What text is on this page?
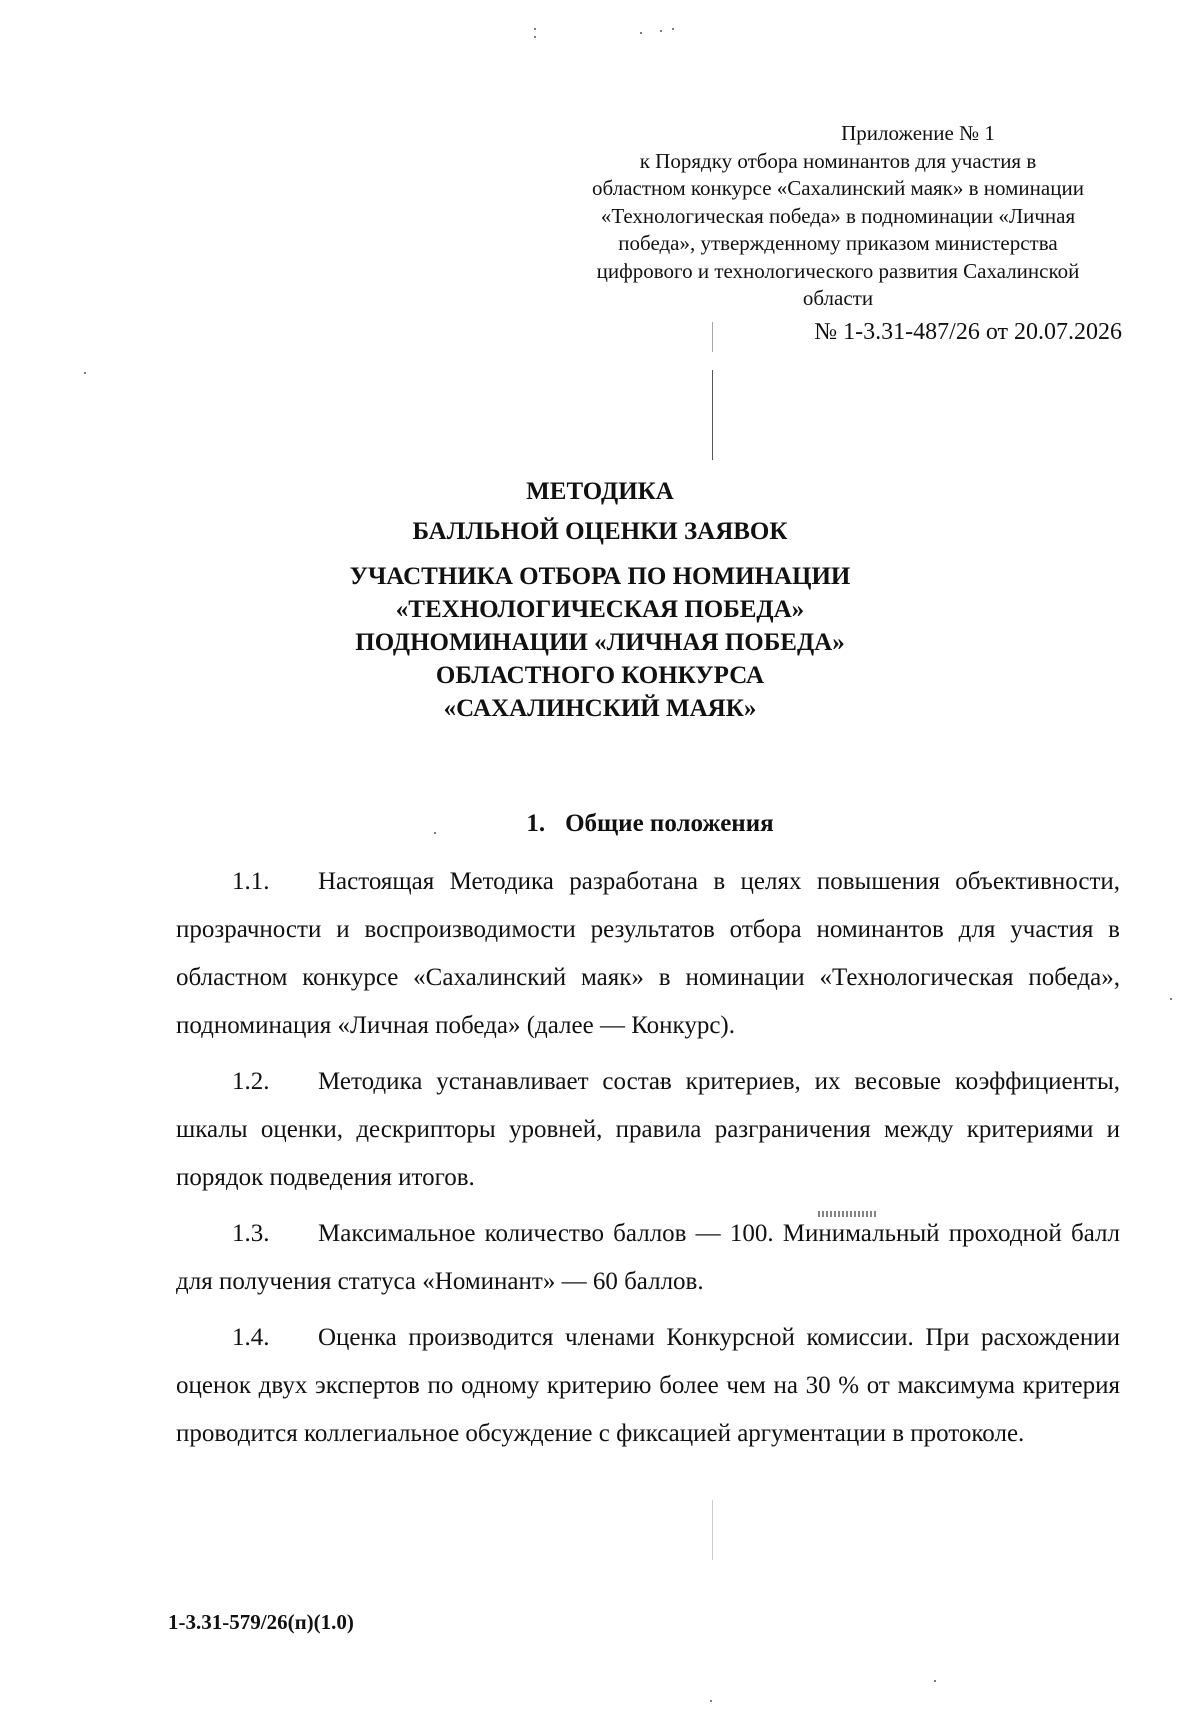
Приложение № 1
к Порядку отбора номинантов для участия в
областном конкурсе «Сахалинский маяк» в номинации
«Технологическая победа» в подноминации «Личная
победа», утвержденному приказом министерства
цифрового и технологического развития Сахалинской
области
№ 1-3.31-487/26 от 20.07.2026
МЕТОДИКА
БАЛЛЬНОЙ ОЦЕНКИ ЗАЯВОК
УЧАСТНИКА ОТБОРА ПО НОМИНАЦИИ
«ТЕХНОЛОГИЧЕСКАЯ ПОБЕДА»
ПОДНОМИНАЦИИ «ЛИЧНАЯ ПОБЕДА»
ОБЛАСТНОГО КОНКУРСА
«САХАЛИНСКИЙ МАЯК»
1. Общие положения

1.1. Настоящая Методика разработана в целях повышения объективности, прозрачности и воспроизводимости результатов отбора номинантов для участия в областном конкурсе «Сахалинский маяк» в номинации «Технологическая победа», подноминация «Личная победа» (далее — Конкурс).

1.2. Методика устанавливает состав критериев, их весовые коэффициенты, шкалы оценки, дескрипторы уровней, правила разграничения между критериями и порядок подведения итогов.

1.3. Максимальное количество баллов — 100. Минимальный проходной балл для получения статуса «Номинант» — 60 баллов.

1.4. Оценка производится членами Конкурсной комиссии. При расхождении оценок двух экспертов по одному критерию более чем на 30 % от максимума критерия проводится коллегиальное обсуждение с фиксацией аргументации в протоколе.

1-3.31-579/26(п)(1.0)
